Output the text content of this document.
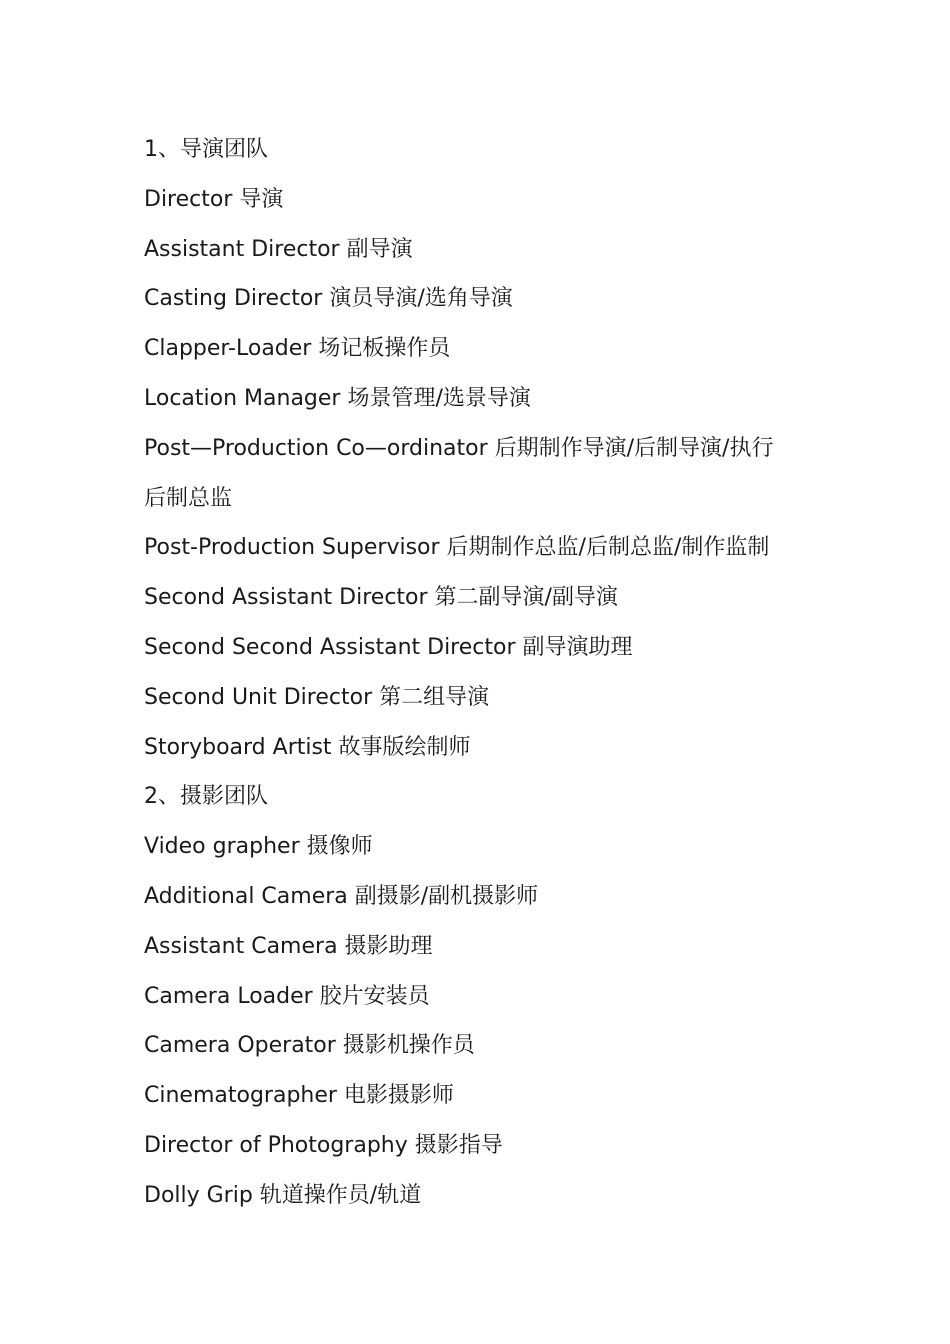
1、导演团队

Director 导演

Assistant Director 副导演

Casting Director 演员导演/选角导演

Clapper-Loader 场记板操作员

Location Manager 场景管理/选景导演

Post—Production Co—ordinator 后期制作导演/后制导演/执行

后制总监

Post-Production Supervisor 后期制作总监/后制总监/制作监制

Second Assistant Director 第二副导演/副导演

Second Second Assistant Director 副导演助理

Second Unit Director 第二组导演

Storyboard Artist 故事版绘制师

2、摄影团队

Video grapher 摄像师

Additional Camera 副摄影/副机摄影师

Assistant Camera 摄影助理

Camera Loader 胶片安装员

Camera Operator 摄影机操作员

Cinematographer 电影摄影师

Director of Photography 摄影指导

Dolly Grip 轨道操作员/轨道
